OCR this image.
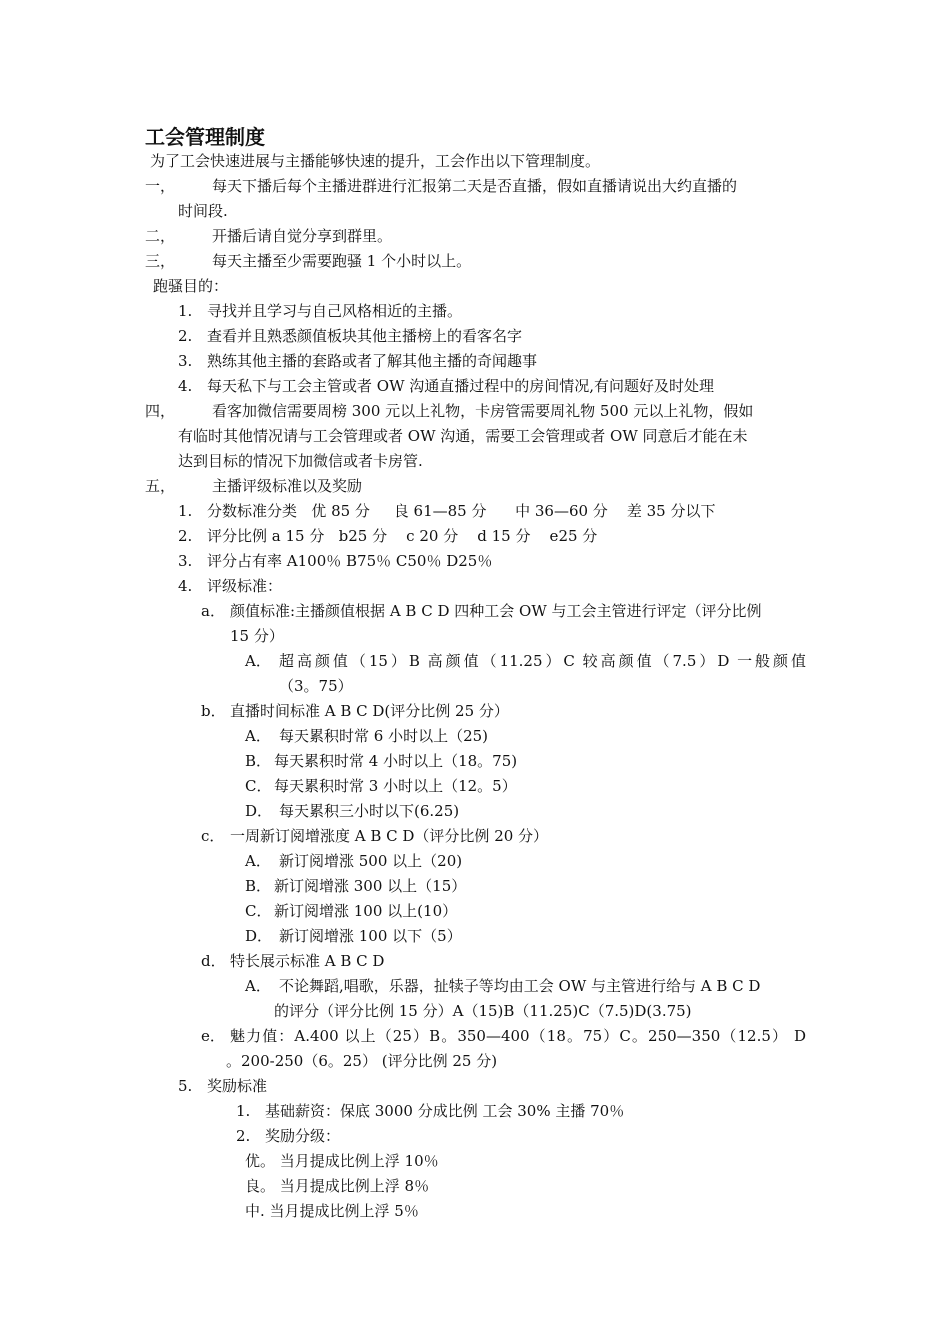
工会管理制度
为了工会快速进展与主播能够快速的提升，工会作出以下管理制度。
一， 每天下播后每个主播进群进行汇报第二天是否直播，假如直播请说出大约直播的
时间段.
二， 开播后请自觉分享到群里。
三， 每天主播至少需要跑骚 1 个小时以上。
跑骚目的：
1. 寻找并且学习与自己风格相近的主播。
2. 查看并且熟悉颜值板块其他主播榜上的看客名字
3. 熟练其他主播的套路或者了解其他主播的奇闻趣事
4. 每天私下与工会主管或者 OW 沟通直播过程中的房间情况,有问题好及时处理
四， 看客加微信需要周榜 300 元以上礼物，卡房管需要周礼物 500 元以上礼物，假如
有临时其他情况请与工会管理或者 OW 沟通，需要工会管理或者 OW 同意后才能在未
达到目标的情况下加微信或者卡房管.
五， 主播评级标准以及奖励
1. 分数标准分类   优 85 分     良 61—85 分      中 36—60 分    差 35 分以下
2. 评分比例 a 15 分   b25 分    c 20 分    d 15 分    e25 分
3. 评分占有率 A100％ B75％ C50％ D25％
4. 评级标准：
a． 颜值标准:主播颜值根据 A B C D 四种工会 OW 与工会主管进行评定（评分比例
15 分）
A． 超高颜值（15）B 高颜值（11.25）C 较高颜值（7.5）D 一般颜值
（3。75）
b． 直播时间标准 A B C D(评分比例 25 分）
A． 每天累积时常 6 小时以上（25)
B． 每天累积时常 4 小时以上（18。75)
C． 每天累积时常 3 小时以上（12。5）
D． 每天累积三小时以下(6.25)
c． 一周新订阅增涨度 A B C D（评分比例 20 分）
A． 新订阅增涨 500 以上（20)
B． 新订阅增涨 300 以上（15）
C． 新订阅增涨 100 以上(10）
D． 新订阅增涨 100 以下（5）
d． 特长展示标准 A B C D
A． 不论舞蹈,唱歌，乐器，扯犊子等均由工会 OW 与主管进行给与 A B C D
的评分（评分比例 15 分）A（15)B（11.25)C（7.5)D(3.75)
e． 魅力值：A.400 以上（25）B。350—400（18。75）C。250—350（12.5） D
。200-250（6。25） (评分比例 25 分)
5. 奖励标准
1. 基础薪资：保底 3000 分成比例 工会 30% 主播 70％
2. 奖励分级：
优。 当月提成比例上浮 10％
良。 当月提成比例上浮 8％
中. 当月提成比例上浮 5％
